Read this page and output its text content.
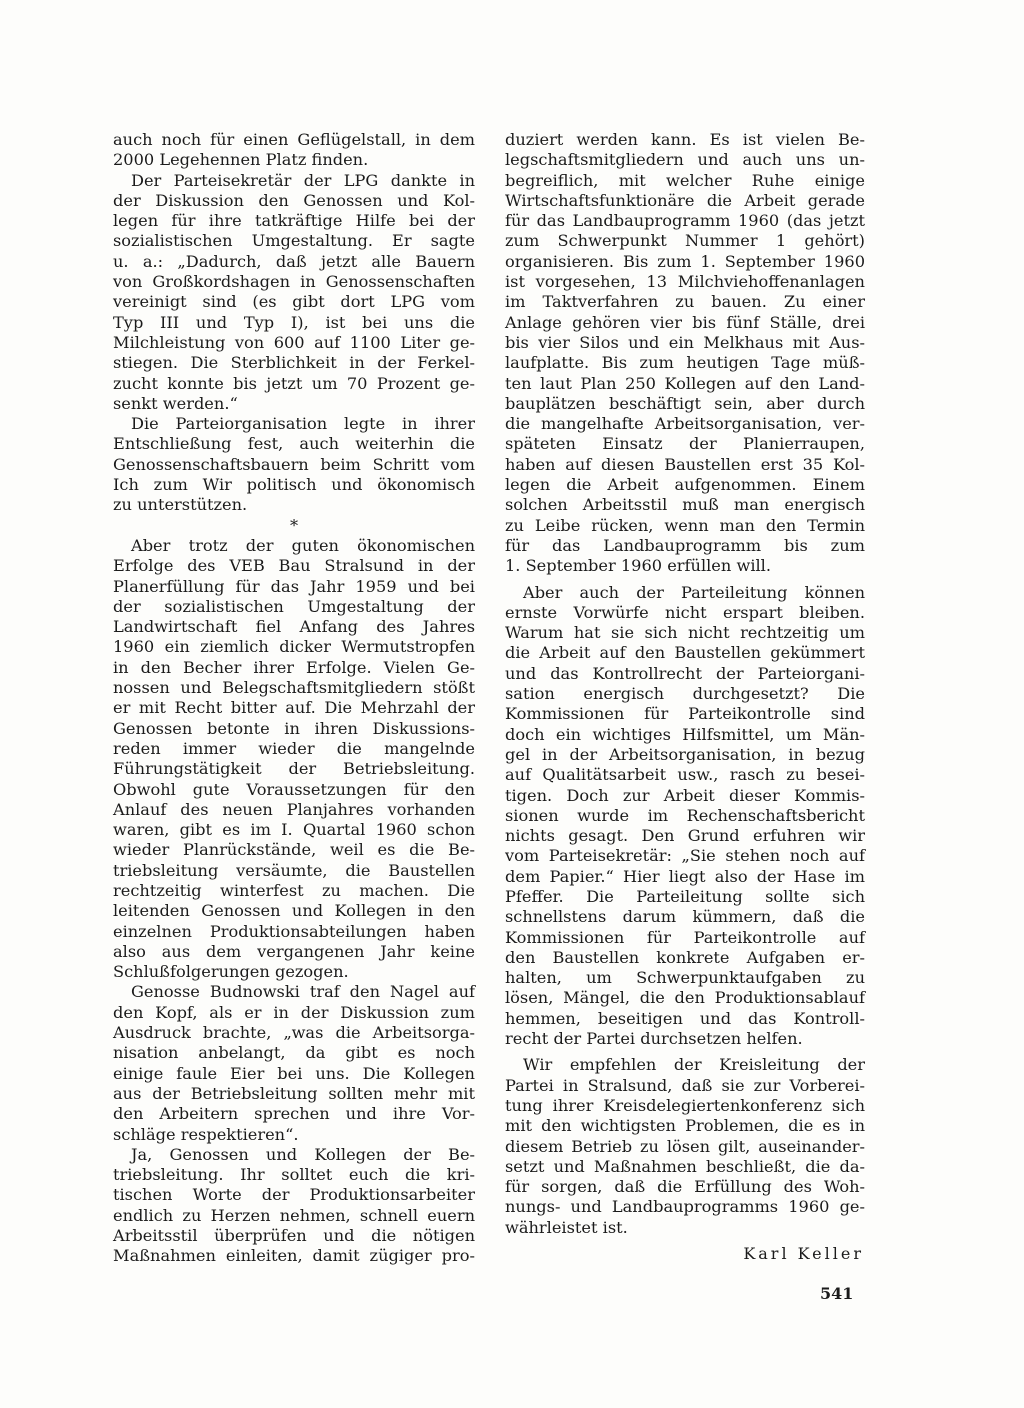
auch noch für einen Geflügelstall, in dem
2000 Legehennen Platz finden.
Der Parteisekretär der LPG dankte in
der Diskussion den Genossen und Kol-
legen für ihre tatkräftige Hilfe bei der
sozialistischen Umgestaltung. Er sagte
u. a.: „Dadurch, daß jetzt alle Bauern
von Großkordshagen in Genossenschaften
vereinigt sind (es gibt dort LPG vom
Typ III und Typ I), ist bei uns die
Milchleistung von 600 auf 1100 Liter ge-
stiegen. Die Sterblichkeit in der Ferkel-
zucht konnte bis jetzt um 70 Prozent ge-
senkt werden.“
Die Parteiorganisation legte in ihrer
Entschließung fest, auch weiterhin die
Genossenschaftsbauern beim Schritt vom
Ich zum Wir politisch und ökonomisch
zu unterstützen.
*
Aber trotz der guten ökonomischen
Erfolge des VEB Bau Stralsund in der
Planerfüllung für das Jahr 1959 und bei
der sozialistischen Umgestaltung der
Landwirtschaft fiel Anfang des Jahres
1960 ein ziemlich dicker Wermutstropfen
in den Becher ihrer Erfolge. Vielen Ge-
nossen und Belegschaftsmitgliedern stößt
er mit Recht bitter auf. Die Mehrzahl der
Genossen betonte in ihren Diskussions-
reden immer wieder die mangelnde
Führungstätigkeit der Betriebsleitung.
Obwohl gute Voraussetzungen für den
Anlauf des neuen Planjahres vorhanden
waren, gibt es im I. Quartal 1960 schon
wieder Planrückstände, weil es die Be-
triebsleitung versäumte, die Baustellen
rechtzeitig winterfest zu machen. Die
leitenden Genossen und Kollegen in den
einzelnen Produktionsabteilungen haben
also aus dem vergangenen Jahr keine
Schlußfolgerungen gezogen.
Genosse Budnowski traf den Nagel auf
den Kopf, als er in der Diskussion zum
Ausdruck brachte, „was die Arbeitsorga-
nisation anbelangt, da gibt es noch
einige faule Eier bei uns. Die Kollegen
aus der Betriebsleitung sollten mehr mit
den Arbeitern sprechen und ihre Vor-
schläge respektieren“.
Ja, Genossen und Kollegen der Be-
triebsleitung. Ihr solltet euch die kri-
tischen Worte der Produktionsarbeiter
endlich zu Herzen nehmen, schnell euern
Arbeitsstil überprüfen und die nötigen
Maßnahmen einleiten, damit zügiger pro-
duziert werden kann. Es ist vielen Be-
legschaftsmitgliedern und auch uns un-
begreiflich, mit welcher Ruhe einige
Wirtschaftsfunktionäre die Arbeit gerade
für das Landbauprogramm 1960 (das jetzt
zum Schwerpunkt Nummer 1 gehört)
organisieren. Bis zum 1. September 1960
ist vorgesehen, 13 Milchviehoffenanlagen
im Taktverfahren zu bauen. Zu einer
Anlage gehören vier bis fünf Ställe, drei
bis vier Silos und ein Melkhaus mit Aus-
laufplatte. Bis zum heutigen Tage müß-
ten laut Plan 250 Kollegen auf den Land-
bauplätzen beschäftigt sein, aber durch
die mangelhafte Arbeitsorganisation, ver-
späteten Einsatz der Planierraupen,
haben auf diesen Baustellen erst 35 Kol-
legen die Arbeit aufgenommen. Einem
solchen Arbeitsstil muß man energisch
zu Leibe rücken, wenn man den Termin
für das Landbauprogramm bis zum
1. September 1960 erfüllen will.
Aber auch der Parteileitung können
ernste Vorwürfe nicht erspart bleiben.
Warum hat sie sich nicht rechtzeitig um
die Arbeit auf den Baustellen gekümmert
und das Kontrollrecht der Parteiorgani-
sation energisch durchgesetzt? Die
Kommissionen für Parteikontrolle sind
doch ein wichtiges Hilfsmittel, um Män-
gel in der Arbeitsorganisation, in bezug
auf Qualitätsarbeit usw., rasch zu besei-
tigen. Doch zur Arbeit dieser Kommis-
sionen wurde im Rechenschaftsbericht
nichts gesagt. Den Grund erfuhren wir
vom Parteisekretär: „Sie stehen noch auf
dem Papier.“ Hier liegt also der Hase im
Pfeffer. Die Parteileitung sollte sich
schnellstens darum kümmern, daß die
Kommissionen für Parteikontrolle auf
den Baustellen konkrete Aufgaben er-
halten, um Schwerpunktaufgaben zu
lösen, Mängel, die den Produktionsablauf
hemmen, beseitigen und das Kontroll-
recht der Partei durchsetzen helfen.
Wir empfehlen der Kreisleitung der
Partei in Stralsund, daß sie zur Vorberei-
tung ihrer Kreisdelegiertenkonferenz sich
mit den wichtigsten Problemen, die es in
diesem Betrieb zu lösen gilt, auseinander-
setzt und Maßnahmen beschließt, die da-
für sorgen, daß die Erfüllung des Woh-
nungs- und Landbauprogramms 1960 ge-
währleistet ist.
Karl Keller
541
